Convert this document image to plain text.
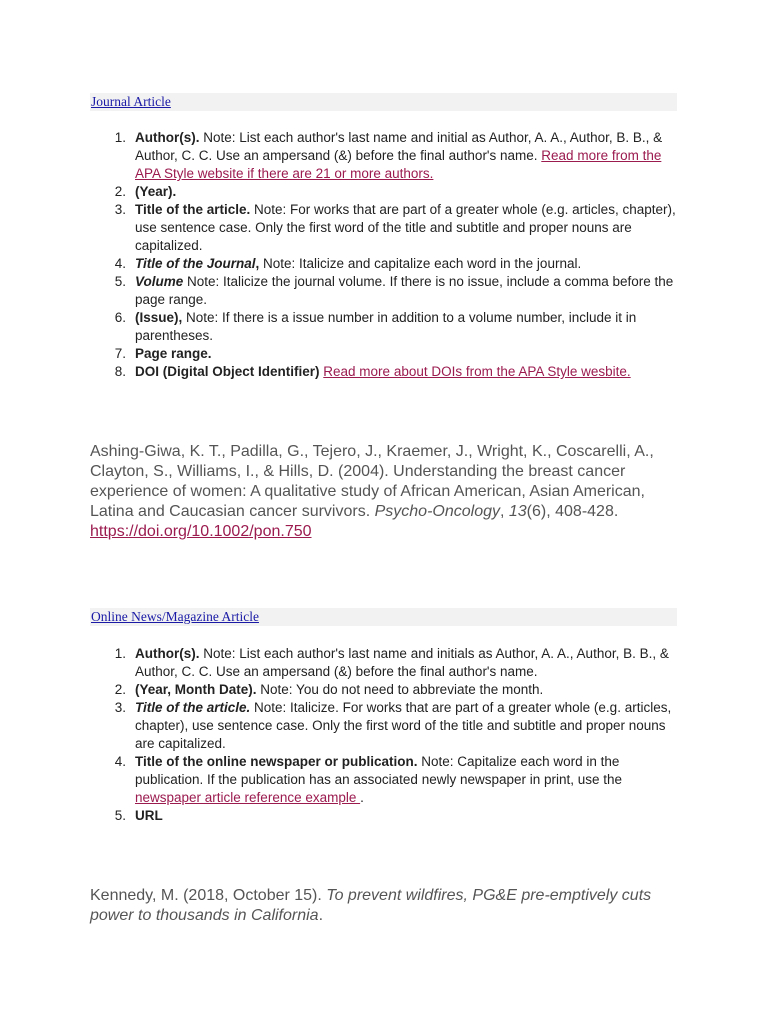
Journal Article
1. Author(s). Note: List each author's last name and initial as Author, A. A., Author, B. B., & Author, C. C. Use an ampersand (&) before the final author's name. Read more from the APA Style website if there are 21 or more authors.
2. (Year).
3. Title of the article. Note: For works that are part of a greater whole (e.g. articles, chapter), use sentence case. Only the first word of the title and subtitle and proper nouns are capitalized.
4. Title of the Journal, Note: Italicize and capitalize each word in the journal.
5. Volume Note: Italicize the journal volume. If there is no issue, include a comma before the page range.
6. (Issue), Note: If there is a issue number in addition to a volume number, include it in parentheses.
7. Page range.
8. DOI (Digital Object Identifier) Read more about DOIs from the APA Style wesbite.
Ashing-Giwa, K. T., Padilla, G., Tejero, J., Kraemer, J., Wright, K., Coscarelli, A., Clayton, S., Williams, I., & Hills, D. (2004). Understanding the breast cancer experience of women: A qualitative study of African American, Asian American, Latina and Caucasian cancer survivors. Psycho-Oncology, 13(6), 408-428. https://doi.org/10.1002/pon.750
Online News/Magazine Article
1. Author(s). Note: List each author's last name and initials as Author, A. A., Author, B. B., & Author, C. C. Use an ampersand (&) before the final author's name.
2. (Year, Month Date). Note: You do not need to abbreviate the month.
3. Title of the article. Note: Italicize. For works that are part of a greater whole (e.g. articles, chapter), use sentence case. Only the first word of the title and subtitle and proper nouns are capitalized.
4. Title of the online newspaper or publication. Note: Capitalize each word in the publication. If the publication has an associated newly newspaper in print, use the newspaper article reference example .
5. URL
Kennedy, M. (2018, October 15). To prevent wildfires, PG&E pre-emptively cuts power to thousands in California.
